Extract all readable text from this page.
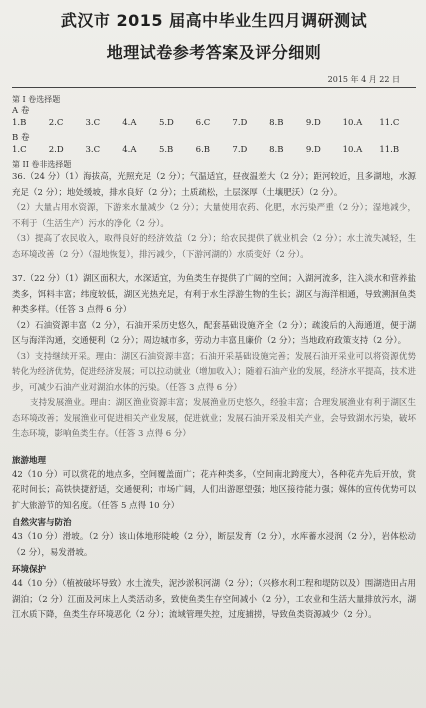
武汉市 2015 届高中毕业生四月调研测试
地理试卷参考答案及评分细则
2015 年 4 月 22 日
第 I 卷选择题
A 卷
1.B	2.C	3.C	4.A	5.D	6.C	7.D	8.B	9.D	10.A	11.C
B 卷
1.C	2.D	3.C	4.A	5.B	6.B	7.D	8.B	9.D	10.A	11.B
第 II 卷非选择题

36.（24 分）（1）海拔高，光照充足（2 分）；气温适宜，昼夜温差大（2 分）；距河较近，且多湖地，水源充足（2 分）；地处缓坡，排水良好（2 分）；土质疏松，土层深厚（土壤肥沃）（2 分）。

（2）大量占用水资源，下游来水量减少（2 分）；大量使用农药、化肥，水污染严重（2 分）；湿地减少，不利于（生活生产）污水的净化（2 分）。

（3）提高了农民收入，取得良好的经济效益（2 分）；给农民提供了就业机会（2 分）；水土流失减轻，生态环境改善（2 分）（湿地恢复），排污减少，（下游河湖的）水质变好（2 分）。

37.（22 分）（1）湖区面积大，水深适宜，为鱼类生存提供了广阔的空间；入湖河流多，注入淡水和营养盐类多，饵料丰富；纬度较低，湖区光热充足，有利于水生浮游生物的生长；湖区与海洋相通，导致溯洄鱼类种类多样。（任答 3 点得 6 分）

（2）石油资源丰富（2 分），石油开采历史悠久，配套基础设施齐全（2 分）；疏浚后的入海通道，便于湖区与海洋沟通，交通便利（2 分）；周边城市多，劳动力丰富且廉价（2 分）；当地政府政策支持（2 分）。

（3）支持继续开采。理由：湖区石油资源丰富；石油开采基础设施完善；发展石油开采业可以将资源优势转化为经济优势，促进经济发展；可以拉动就业（增加收入）；随着石油产业的发展，经济水平提高，技术进步，可减少石油产业对湖泊水体的污染。（任答 3 点得 6 分）

支持发展渔业。理由：湖区渔业资源丰富；发展渔业历史悠久，经验丰富；合理发展渔业有利于湖区生态环境改善；发展渔业可促进相关产业发展，促进就业；发展石油开采及相关产业，会导致湖水污染，破坏生态环境，影响鱼类生存。（任答 3 点得 6 分）

旅游地理

42（10 分）可以赏花的地点多，空间覆盖面广；花卉种类多，（空间南北跨度大），各种花卉先后开放，赏花时间长；高铁快捷舒适，交通便利；市场广阔，人们出游愿望强；地区接待能力强；媒体的宣传优势可以扩大旅游节的知名度。（任答 5 点得 10 分）

自然灾害与防治

43（10 分）滑坡。（2 分）该山体地形陡峻（2 分），断层发育（2 分），水库蓄水浸润（2 分），岩体松动（2 分），易发滑坡。

环境保护

44（10 分）（植被破坏导致）水土流失，泥沙淤积河湖（2 分）；（兴修水利工程和堤防以及）围湖造田占用湖泊；（2 分）江面及河床上人类活动多，致使鱼类生存空间减小（2 分），工农业和生活大量排放污水，湖江水质下降，鱼类生存环境恶化（2 分）；流域管理失控，过度捕捞，导致鱼类资源减少（2 分）。
